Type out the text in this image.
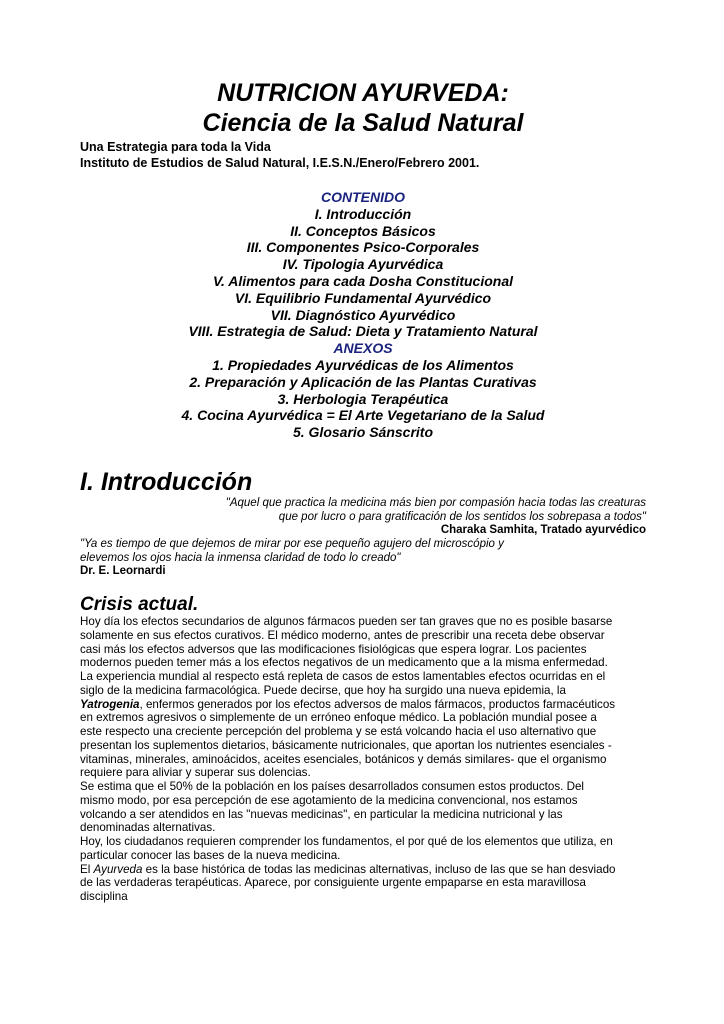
NUTRICION AYURVEDA:
Ciencia de la Salud Natural
Una Estrategia para toda la Vida
Instituto de Estudios de Salud Natural, I.E.S.N./Enero/Febrero 2001.
CONTENIDO
I. Introducción
II. Conceptos Básicos
III. Componentes Psico-Corporales
IV. Tipologia Ayurvédica
V. Alimentos para cada Dosha Constitucional
VI. Equilibrio Fundamental Ayurvédico
VII. Diagnóstico Ayurvédico
VIII. Estrategia de Salud: Dieta y Tratamiento Natural
ANEXOS
1. Propiedades Ayurvédicas de los Alimentos
2. Preparación y Aplicación de las Plantas Curativas
3. Herbologia Terapéutica
4. Cocina Ayurvédica = El Arte Vegetariano de la Salud
5. Glosario Sánscrito
I. Introducción
"Aquel que practica la medicina más bien por compasión hacia todas las creaturas
que por lucro o para gratificación de los sentidos los sobrepasa a todos"
Charaka Samhita, Tratado ayurvédico
"Ya es tiempo de que dejemos de mirar por ese pequeño agujero del microscópio y
elevemos los ojos hacia la inmensa claridad de todo lo creado"
Dr. E. Leornardi
Crisis actual.
Hoy día los efectos secundarios de algunos fármacos pueden ser tan graves que no es posible basarse
solamente en sus efectos curativos. El médico moderno, antes de prescribir una receta debe observar
casi más los efectos adversos que las modificaciones fisiológicas que espera lograr. Los pacientes
modernos pueden temer más a los efectos negativos de un medicamento que a la misma enfermedad.
La experiencia mundial al respecto está repleta de casos de estos lamentables efectos ocurridas en el
siglo de la medicina farmacológica. Puede decirse, que hoy ha surgido una nueva epidemia, la
Yatrogenia, enfermos generados por los efectos adversos de malos fármacos, productos farmacéuticos
en extremos agresivos o simplemente de un erróneo enfoque médico. La población mundial posee a
este respecto una creciente percepción del problema y se está volcando hacia el uso alternativo que
presentan los suplementos dietarios, básicamente nutricionales, que aportan los nutrientes esenciales -
vitaminas, minerales, aminoácidos, aceites esenciales, botánicos y demás similares- que el organismo
requiere para aliviar y superar sus dolencias.
Se estima que el 50% de la población en los países desarrollados consumen estos productos. Del
mismo modo, por esa percepción de ese agotamiento de la medicina convencional, nos estamos
volcando a ser atendidos en las "nuevas medicinas", en particular la medicina nutricional y las
denominadas alternativas.
Hoy, los ciudadanos requieren comprender los fundamentos, el por qué de los elementos que utiliza, en
particular conocer las bases de la nueva medicina.
El Ayurveda es la base histórica de todas las medicinas alternativas, incluso de las que se han desviado
de las verdaderas terapéuticas. Aparece, por consiguiente urgente empaparse en esta maravillosa
disciplina
